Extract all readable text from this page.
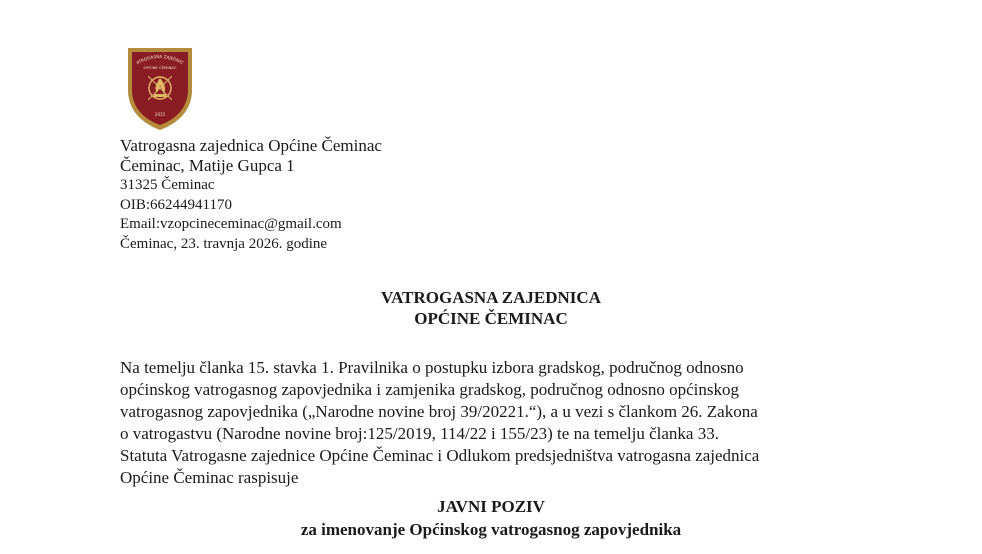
ATROGASNA ZAJEDNIC
OPĆINE ČEMINAC
2015
Vatrogasna zajednica Općine Čeminac
Čeminac, Matije Gupca 1
31325 Čeminac
OIB:66244941170
Email:vzopcineceminac@gmail.com
Čeminac, 23. travnja 2026. godine
VATROGASNA ZAJEDNICA
OPĆINE ČEMINAC
Na temelju članka 15. stavka 1. Pravilnika o postupku izbora gradskog, područnog odnosno
općinskog vatrogasnog zapovjednika i zamjenika gradskog, područnog odnosno općinskog
vatrogasnog zapovjednika („Narodne novine broj 39/20221.“), a u vezi s člankom 26. Zakona
o vatrogastvu (Narodne novine broj:125/2019, 114/22 i 155/23) te na temelju članka 33.
Statuta Vatrogasne zajednice Općine Čeminac i Odlukom predsjedništva vatrogasna zajednica
Općine Čeminac raspisuje
JAVNI POZIV
za imenovanje Općinskog vatrogasnog zapovjednika
